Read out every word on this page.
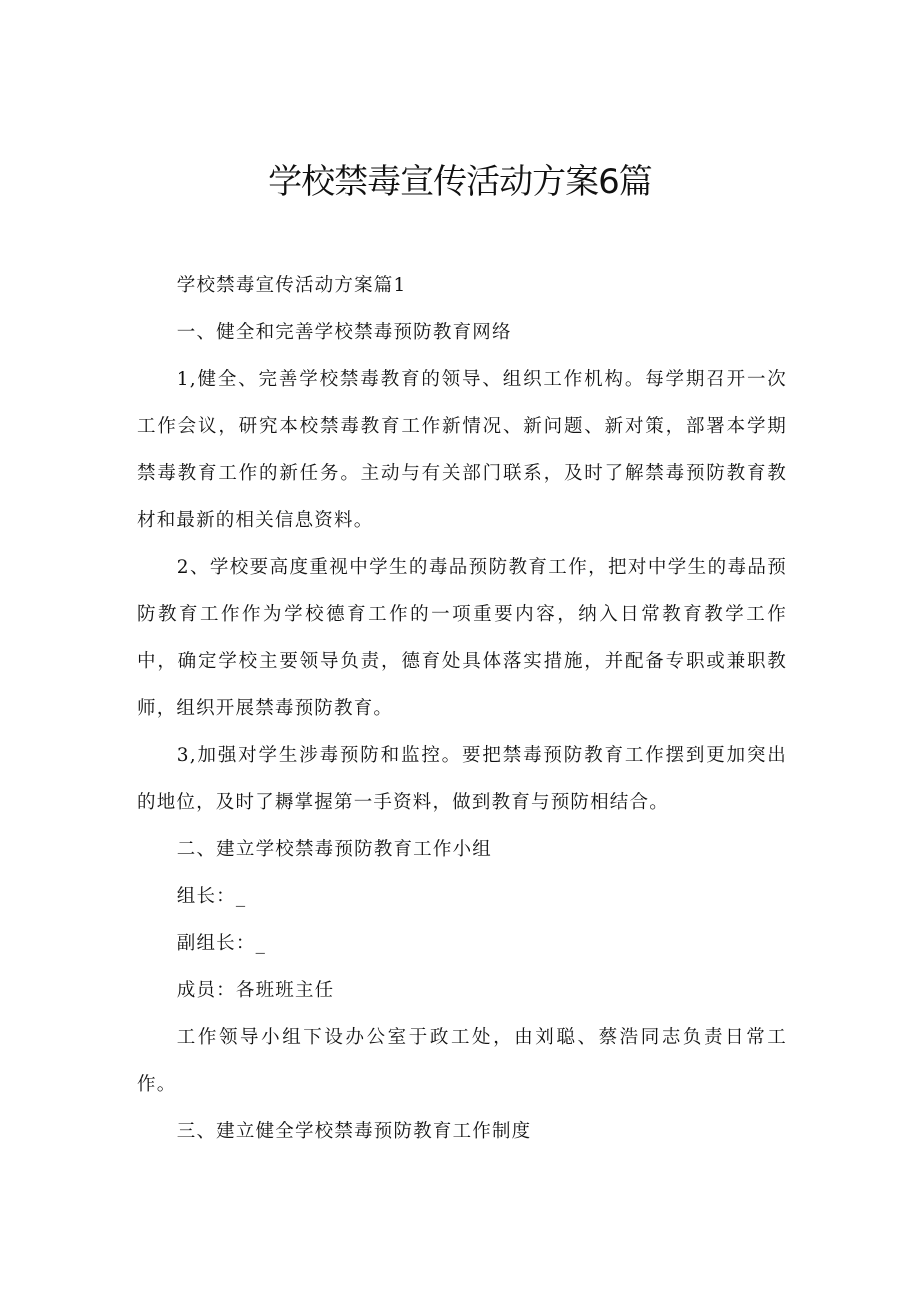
学校禁毒宣传活动方案6篇

学校禁毒宣传活动方案篇1

一、健全和完善学校禁毒预防教育网络

1,健全、完善学校禁毒教育的领导、组织工作机构。每学期召开一次工作会议，研究本校禁毒教育工作新情况、新问题、新对策，部署本学期禁毒教育工作的新任务。主动与有关部门联系，及时了解禁毒预防教育教材和最新的相关信息资料。

2、学校要高度重视中学生的毒品预防教育工作，把对中学生的毒品预防教育工作作为学校德育工作的一项重要内容，纳入日常教育教学工作中，确定学校主要领导负责，德育处具体落实措施，并配备专职或兼职教师，组织开展禁毒预防教育。

3,加强对学生涉毒预防和监控。要把禁毒预防教育工作摆到更加突出的地位，及时了耨掌握第一手资料，做到教育与预防相结合。

二、建立学校禁毒预防教育工作小组

组长：_

副组长：_

成员：各班班主任

工作领导小组下设办公室于政工处，由刘聪、蔡浩同志负责日常工作。

三、建立健全学校禁毒预防教育工作制度
